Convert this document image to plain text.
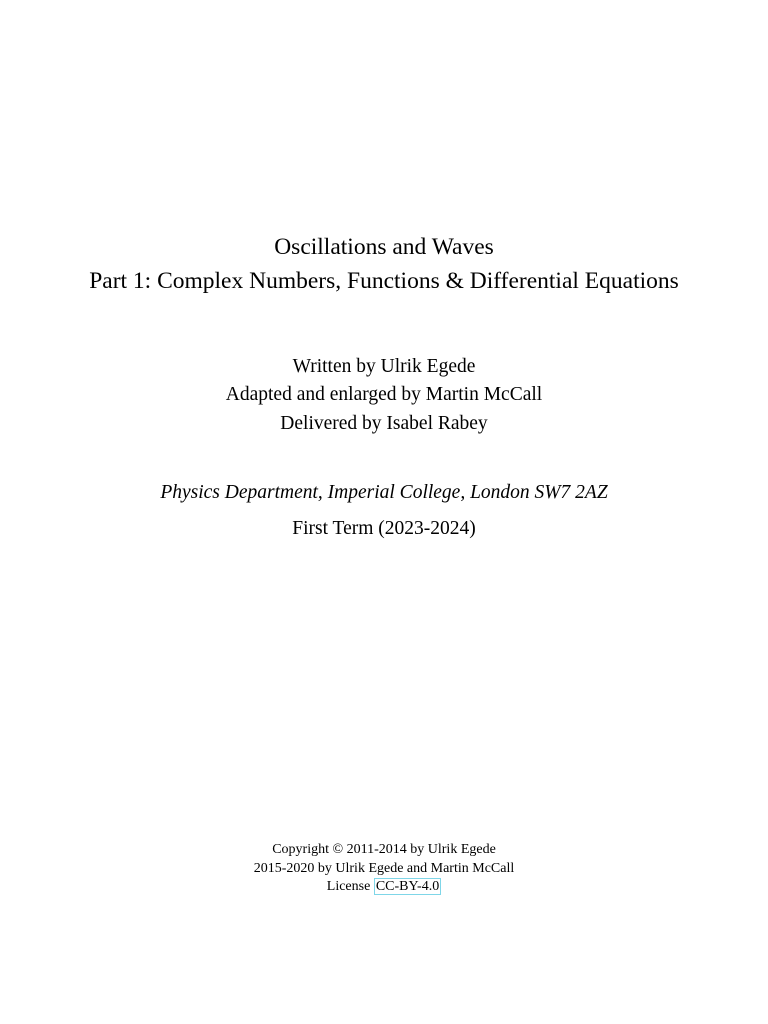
Oscillations and Waves
Part 1: Complex Numbers, Functions & Differential Equations
Written by Ulrik Egede
Adapted and enlarged by Martin McCall
Delivered by Isabel Rabey
Physics Department, Imperial College, London SW7 2AZ
First Term (2023-2024)
Copyright © 2011-2014 by Ulrik Egede
2015-2020 by Ulrik Egede and Martin McCall
License CC-BY-4.0
